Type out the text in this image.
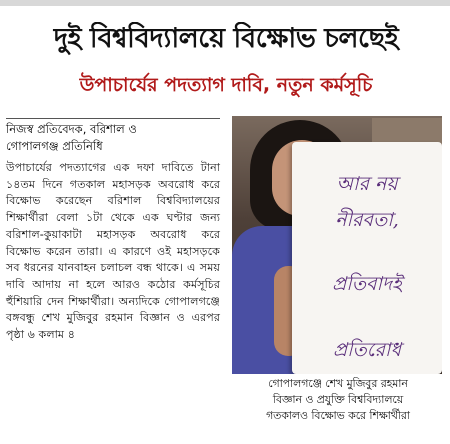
দুই বিশ্ববিদ্যালয়ে বিক্ষোভ চলছেই
উপাচার্যের পদত্যাগ দাবি, নতুন কর্মসূচি
নিজস্ব প্রতিবেদক, বরিশাল ও
গোপালগঞ্জ প্রতিনিধি
উপাচার্যের পদত্যাগের এক দফা দাবিতে টানা ১৪তম দিনে গতকাল মহাসড়ক অবরোধ করে বিক্ষোভ করেছেন বরিশাল বিশ্ববিদ্যালয়ের শিক্ষার্থীরা বেলা ১টা থেকে এক ঘণ্টার জন্য বরিশাল-কুয়াকাটা মহাসড়ক অবরোধ করে বিক্ষোভ করেন তারা। এ কারণে ওই মহাসড়কে সব ধরনের যানবাহন চলাচল বন্ধ থাকে। এ সময় দাবি আদায় না হলে আরও কঠোর কর্মসূচির হুঁশিয়ারি দেন শিক্ষার্থীরা। অন্যদিকে গোপালগঞ্জে বঙ্গবন্ধু শেখ মুজিবুর রহমান বিজ্ঞান ও এরপর পৃষ্ঠা ৬ কলাম ৪
আর নয়
নীরবতা,
প্রতিবাদই
প্রতিরোধ
গোপালগঞ্জে শেখ মুজিবুর রহমান
বিজ্ঞান ও প্রযুক্তি বিশ্ববিদ্যালয়ে
গতকালও বিক্ষোভ করে শিক্ষার্থীরা
